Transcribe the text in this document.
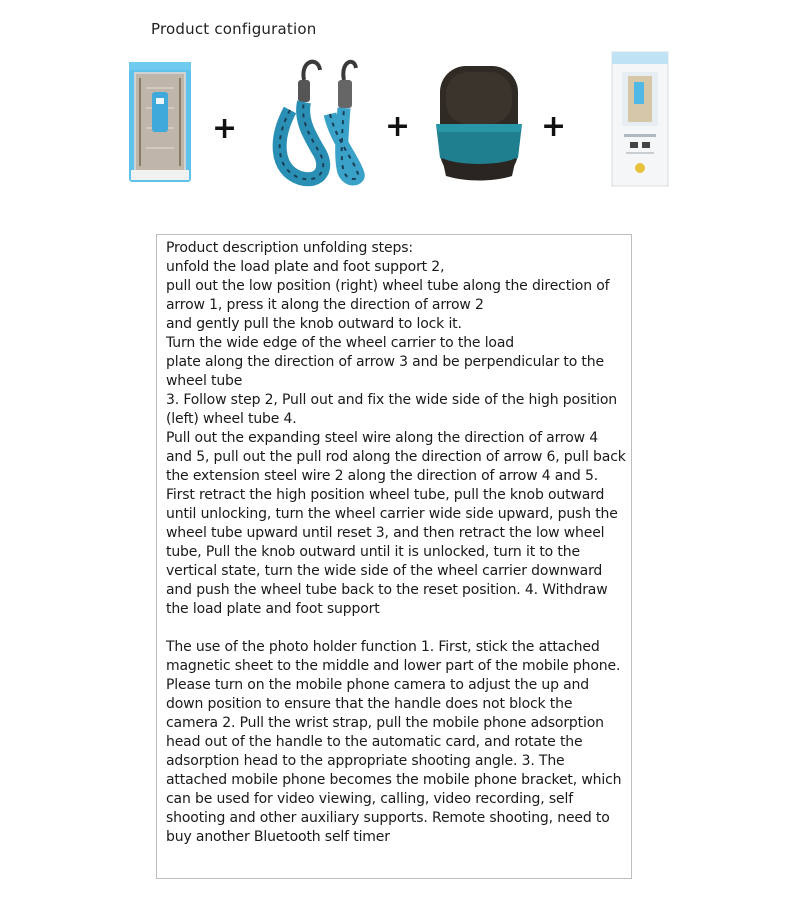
Product configuration
+	+	+

Product description unfolding steps:
unfold the load plate and foot support 2,
pull out the low position (right) wheel tube along the direction of arrow 1, press it along the direction of arrow 2
and gently pull the knob outward to lock it.
Turn the wide edge of the wheel carrier to the load
plate along the direction of arrow 3 and be perpendicular to the wheel tube
3. Follow step 2, Pull out and fix the wide side of the high position (left) wheel tube 4.
Pull out the expanding steel wire along the direction of arrow 4 and 5, pull out the pull rod along the direction of arrow 6, pull back the extension steel wire 2 along the direction of arrow 4 and 5. First retract the high position wheel tube, pull the knob outward until unlocking, turn the wheel carrier wide side upward, push the wheel tube upward until reset 3, and then retract the low wheel tube, Pull the knob outward until it is unlocked, turn it to the vertical state, turn the wide side of the wheel carrier downward and push the wheel tube back to the reset position. 4. Withdraw the load plate and foot support

The use of the photo holder function 1. First, stick the attached magnetic sheet to the middle and lower part of the mobile phone. Please turn on the mobile phone camera to adjust the up and down position to ensure that the handle does not block the camera 2. Pull the wrist strap, pull the mobile phone adsorption head out of the handle to the automatic card, and rotate the adsorption head to the appropriate shooting angle. 3. The attached mobile phone becomes the mobile phone bracket, which can be used for video viewing, calling, video recording, self shooting and other auxiliary supports. Remote shooting, need to buy another Bluetooth self timer
